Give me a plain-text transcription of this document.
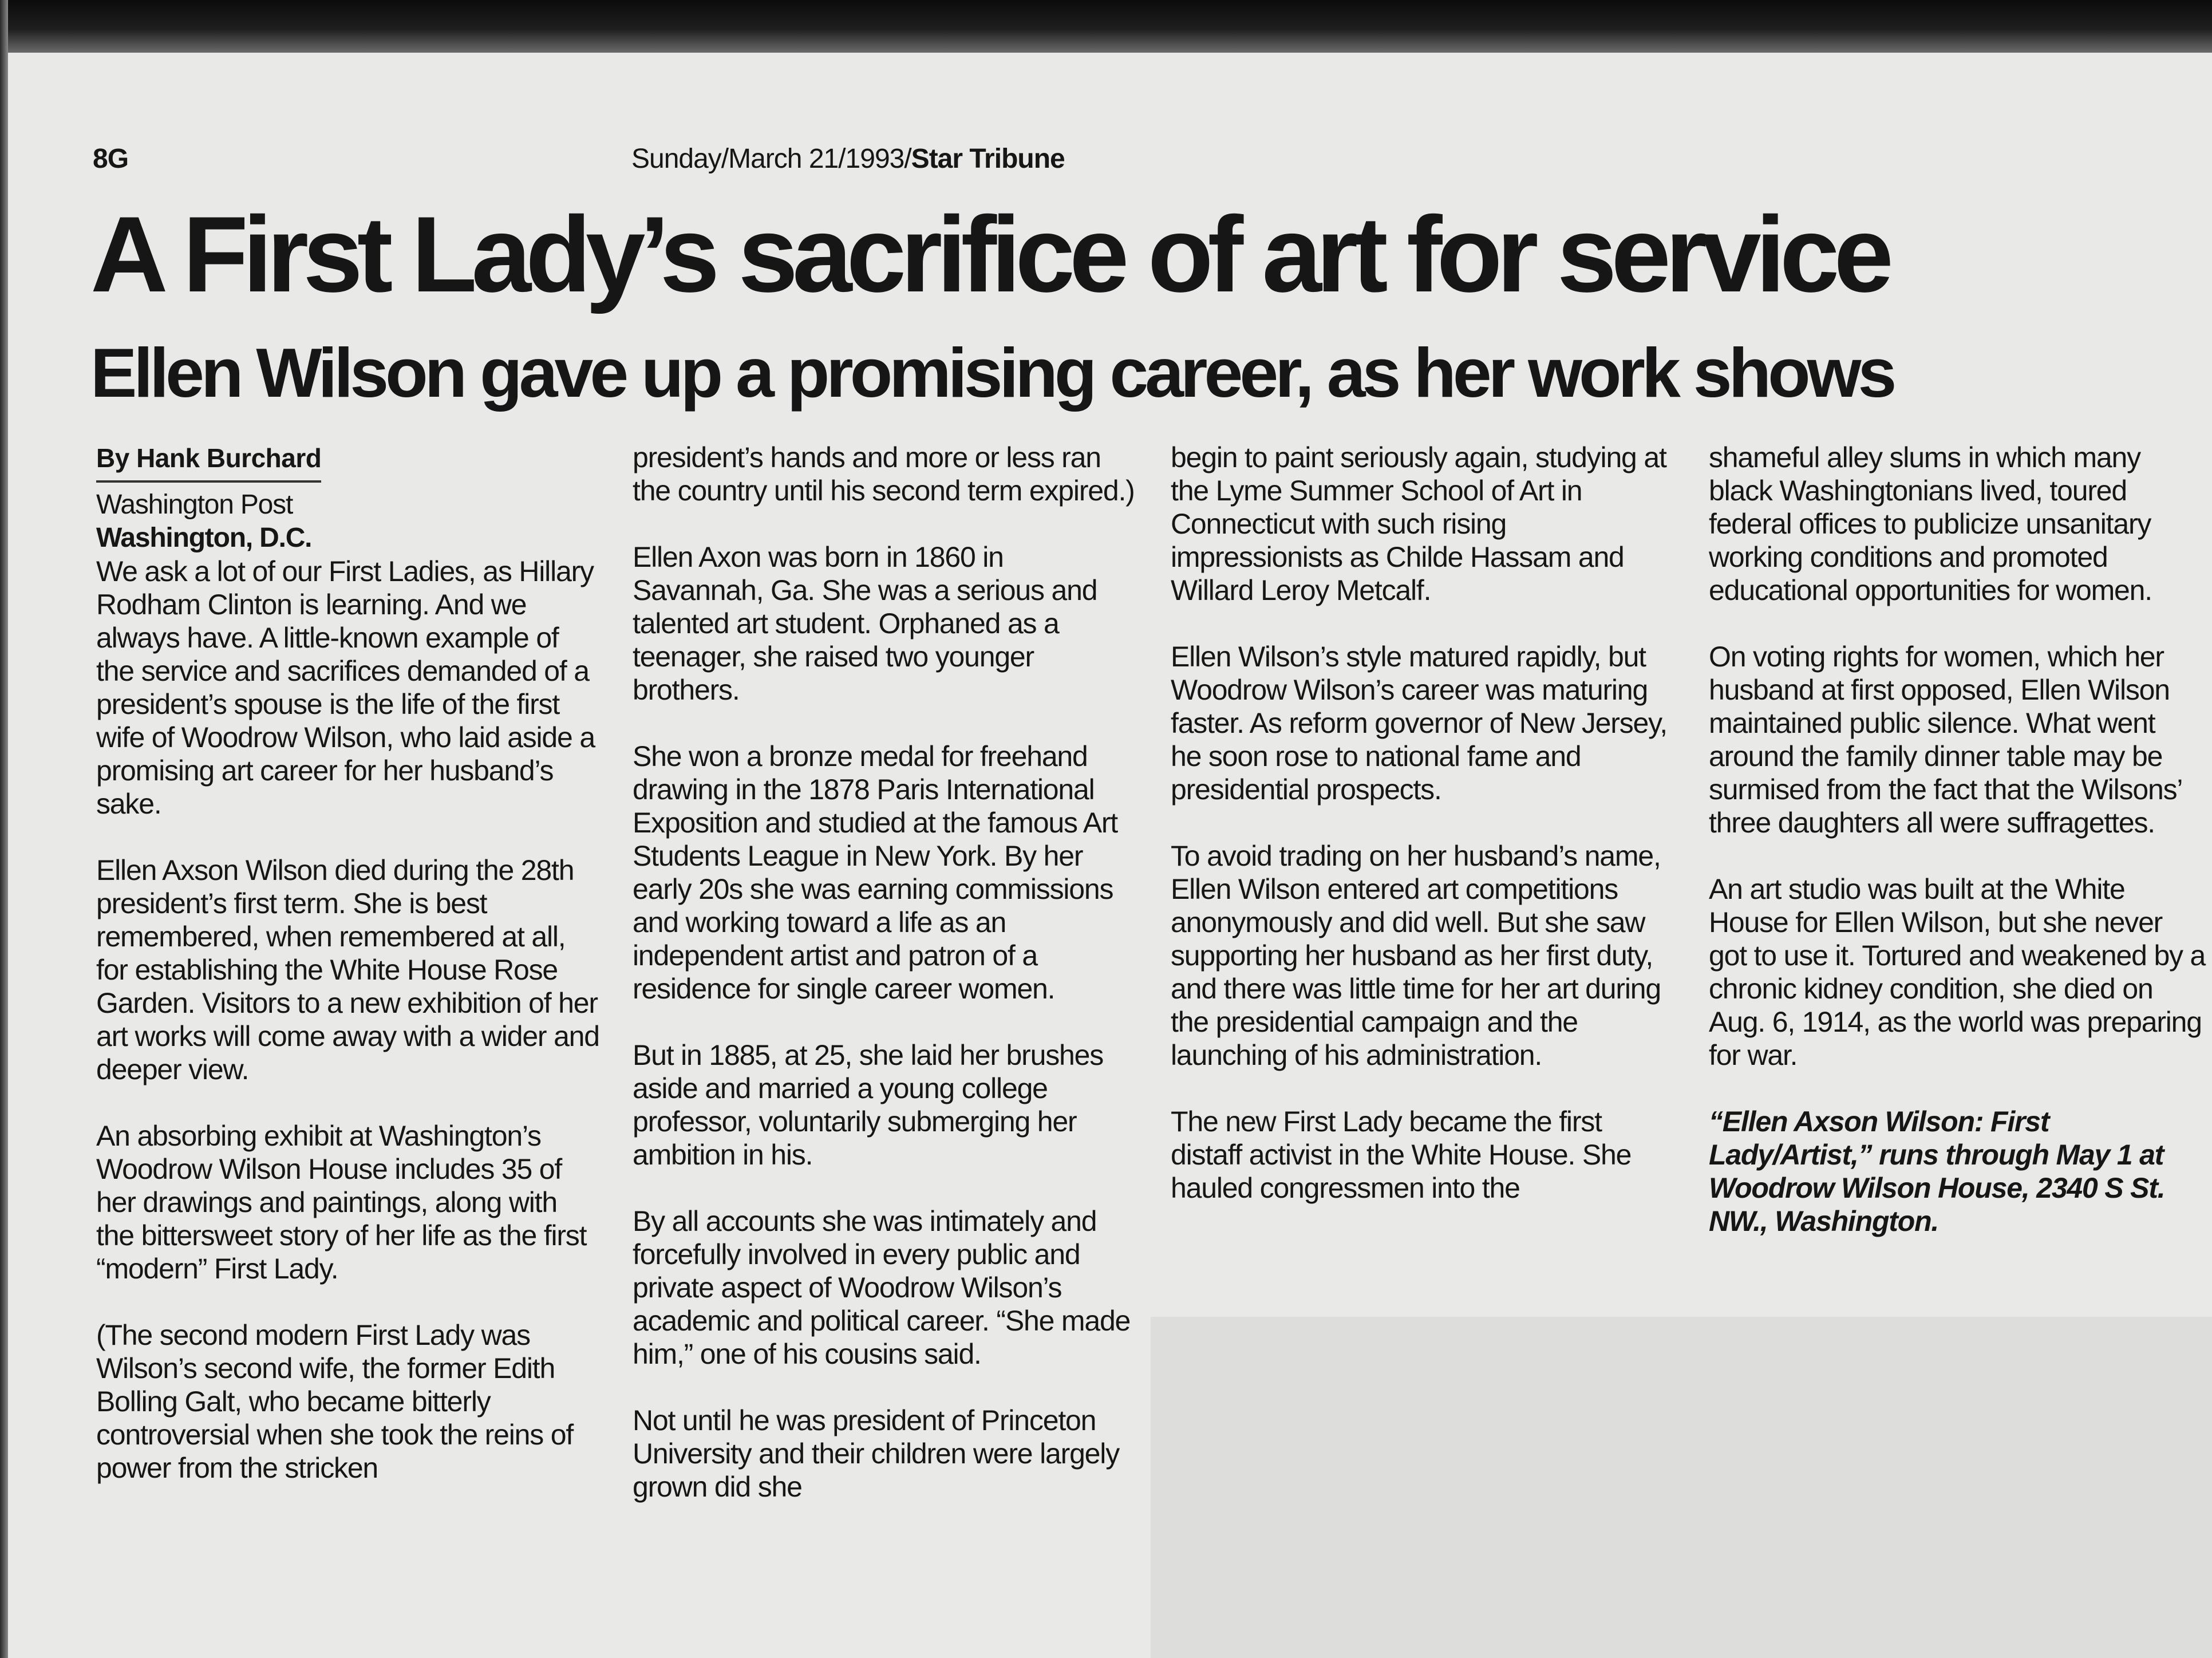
8G	Sunday/March 21/1993/Star Tribune
A First Lady’s sacrifice of art for service
Ellen Wilson gave up a promising career, as her work shows
By Hank Burchard
Washington Post
Washington, D.C.

We ask a lot of our First Ladies, as Hillary Rodham Clinton is learning. And we always have. A little-known example of the service and sacrifices demanded of a president’s spouse is the life of the first wife of Woodrow Wilson, who laid aside a promising art career for her husband’s sake.

Ellen Axson Wilson died during the 28th president’s first term. She is best remembered, when remembered at all, for establishing the White House Rose Garden. Visitors to a new exhibition of her art works will come away with a wider and deeper view.

An absorbing exhibit at Washington’s Woodrow Wilson House includes 35 of her drawings and paintings, along with the bittersweet story of her life as the first “modern” First Lady.

(The second modern First Lady was Wilson’s second wife, the former Edith Bolling Galt, who became bitterly controversial when she took the reins of power from the stricken

president’s hands and more or less ran the country until his second term expired.)

Ellen Axon was born in 1860 in Savannah, Ga. She was a serious and talented art student. Orphaned as a teenager, she raised two younger brothers.

She won a bronze medal for freehand drawing in the 1878 Paris International Exposition and studied at the famous Art Students League in New York. By her early 20s she was earning commissions and working toward a life as an independent artist and patron of a residence for single career women.

But in 1885, at 25, she laid her brushes aside and married a young college professor, voluntarily submerging her ambition in his.

By all accounts she was intimately and forcefully involved in every public and private aspect of Woodrow Wilson’s academic and political career. “She made him,” one of his cousins said.

Not until he was president of Princeton University and their children were largely grown did she

begin to paint seriously again, studying at the Lyme Summer School of Art in Connecticut with such rising impressionists as Childe Hassam and Willard Leroy Metcalf.

Ellen Wilson’s style matured rapidly, but Woodrow Wilson’s career was maturing faster. As reform governor of New Jersey, he soon rose to national fame and presidential prospects.

To avoid trading on her husband’s name, Ellen Wilson entered art competitions anonymously and did well. But she saw supporting her husband as her first duty, and there was little time for her art during the presidential campaign and the launching of his administration.

The new First Lady became the first distaff activist in the White House. She hauled congressmen into the

shameful alley slums in which many black Washingtonians lived, toured federal offices to publicize unsanitary working conditions and promoted educational opportunities for women.

On voting rights for women, which her husband at first opposed, Ellen Wilson maintained public silence. What went around the family dinner table may be surmised from the fact that the Wilsons’ three daughters all were suffragettes.

An art studio was built at the White House for Ellen Wilson, but she never got to use it. Tortured and weakened by a chronic kidney condition, she died on Aug. 6, 1914, as the world was preparing for war.

“Ellen Axson Wilson: First Lady/Artist,” runs through May 1 at Woodrow Wilson House, 2340 S St. NW., Washington.
